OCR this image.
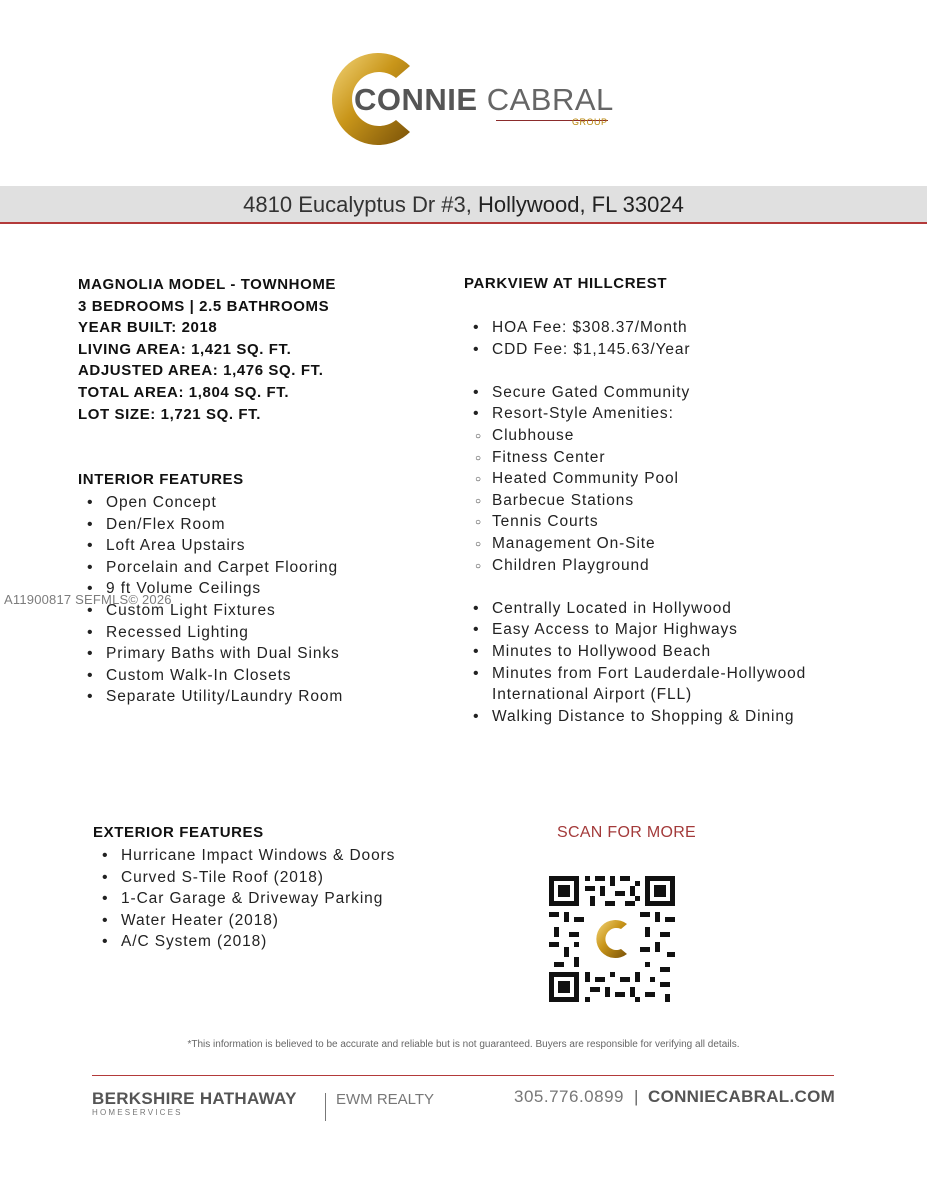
CONNIE CABRAL
GROUP
4810 Eucalyptus Dr #3, Hollywood, FL 33024
MAGNOLIA MODEL - TOWNHOME
3 BEDROOMS | 2.5 BATHROOMS
YEAR BUILT: 2018
LIVING AREA: 1,421 SQ. FT.
ADJUSTED AREA: 1,476 SQ. FT.
TOTAL AREA: 1,804 SQ. FT.
LOT SIZE: 1,721 SQ. FT.
INTERIOR FEATURES
• Open Concept
• Den/Flex Room
• Loft Area Upstairs
• Porcelain and Carpet Flooring
• 9 ft Volume Ceilings
• Custom Light Fixtures
• Recessed Lighting
• Primary Baths with Dual Sinks
• Custom Walk-In Closets
• Separate Utility/Laundry Room
PARKVIEW AT HILLCREST
• HOA Fee: $308.37/Month
• CDD Fee: $1,145.63/Year
• Secure Gated Community
• Resort-Style Amenities:
○ Clubhouse
○ Fitness Center
○ Heated Community Pool
○ Barbecue Stations
○ Tennis Courts
○ Management On-Site
○ Children Playground
• Centrally Located in Hollywood
• Easy Access to Major Highways
• Minutes to Hollywood Beach
• Minutes from Fort Lauderdale-Hollywood International Airport (FLL)
• Walking Distance to Shopping & Dining
A11900817 SEFMLS© 2026
EXTERIOR FEATURES
• Hurricane Impact Windows & Doors
• Curved S-Tile Roof (2018)
• 1-Car Garage & Driveway Parking
• Water Heater (2018)
• A/C System (2018)
SCAN FOR MORE
*This information is believed to be accurate and reliable but is not guaranteed. Buyers are responsible for verifying all details.
BERKSHIRE HATHAWAY
HOMESERVICES
EWM REALTY	305.776.0899 | CONNIECABRAL.COM
